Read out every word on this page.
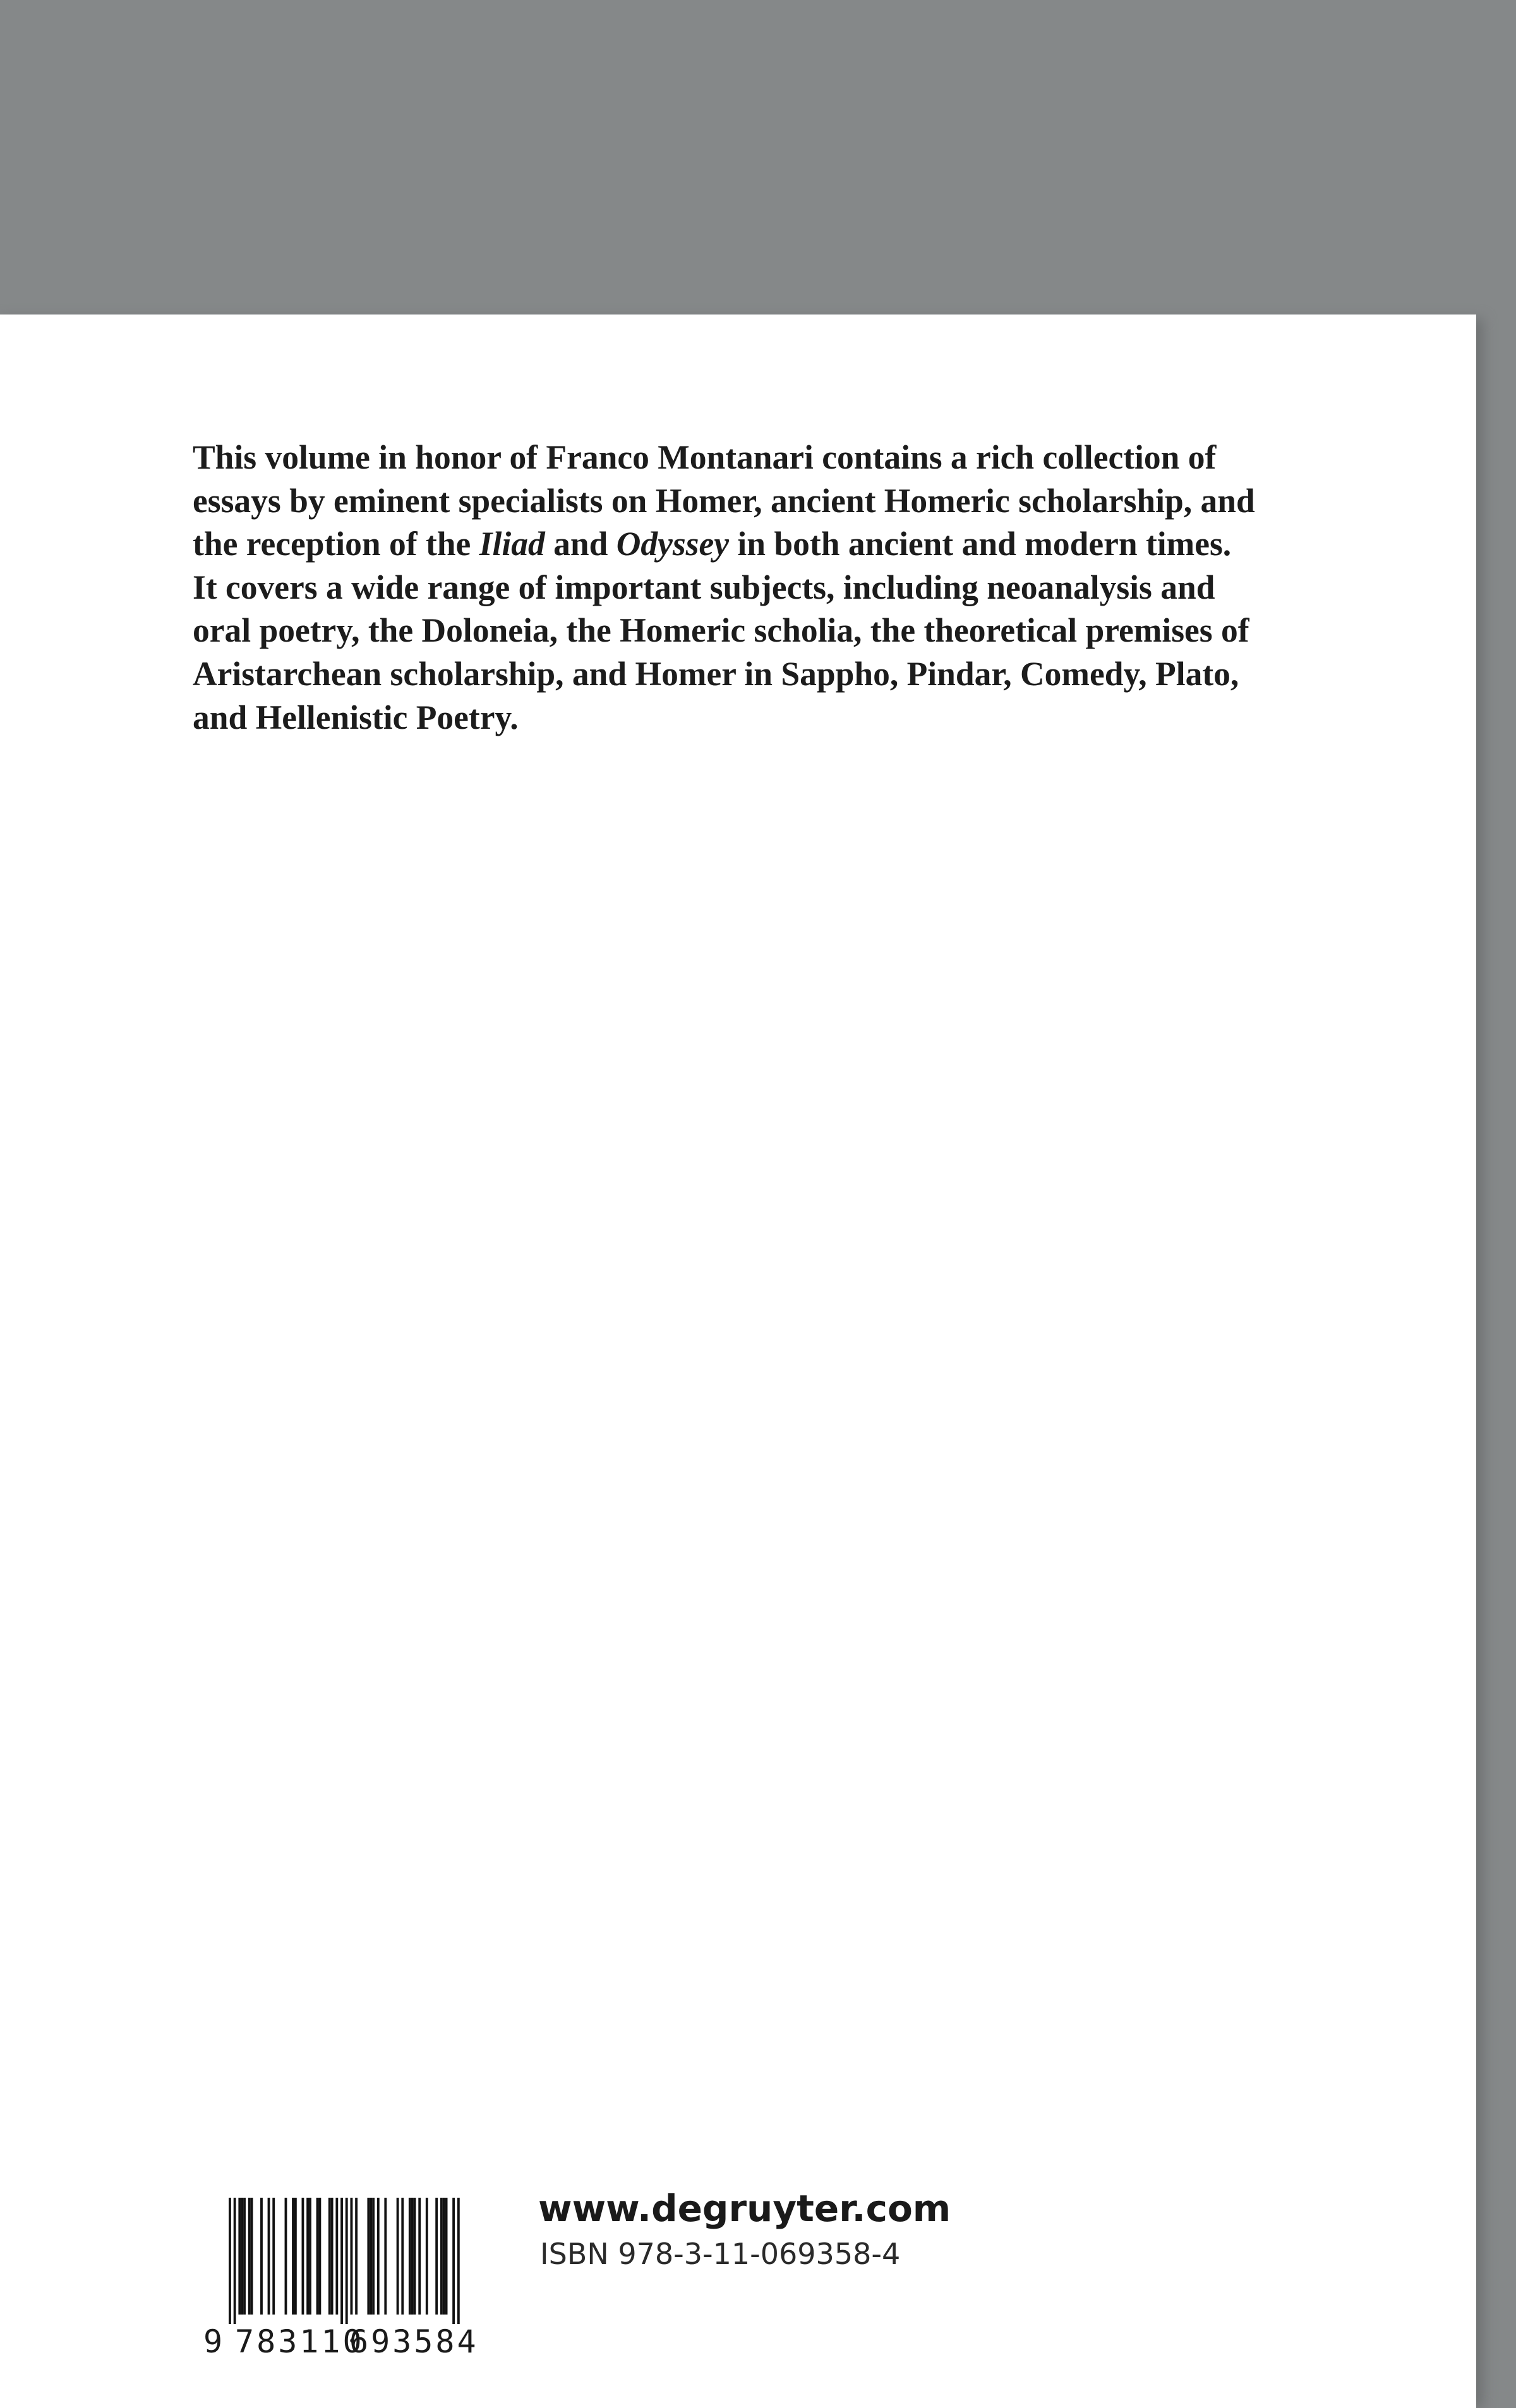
This volume in honor of Franco Montanari contains a rich collection of
essays by eminent specialists on Homer, ancient Homeric scholarship, and
the reception of the Iliad and Odyssey in both ancient and modern times.
It covers a wide range of important subjects, including neoanalysis and
oral poetry, the Doloneia, the Homeric scholia, the theoretical premises of
Aristarchean scholarship, and Homer in Sappho, Pindar, Comedy, Plato,
and Hellenistic Poetry.

9 783110
693584
www.degruyter.com
ISBN 978-3-11-069358-4
